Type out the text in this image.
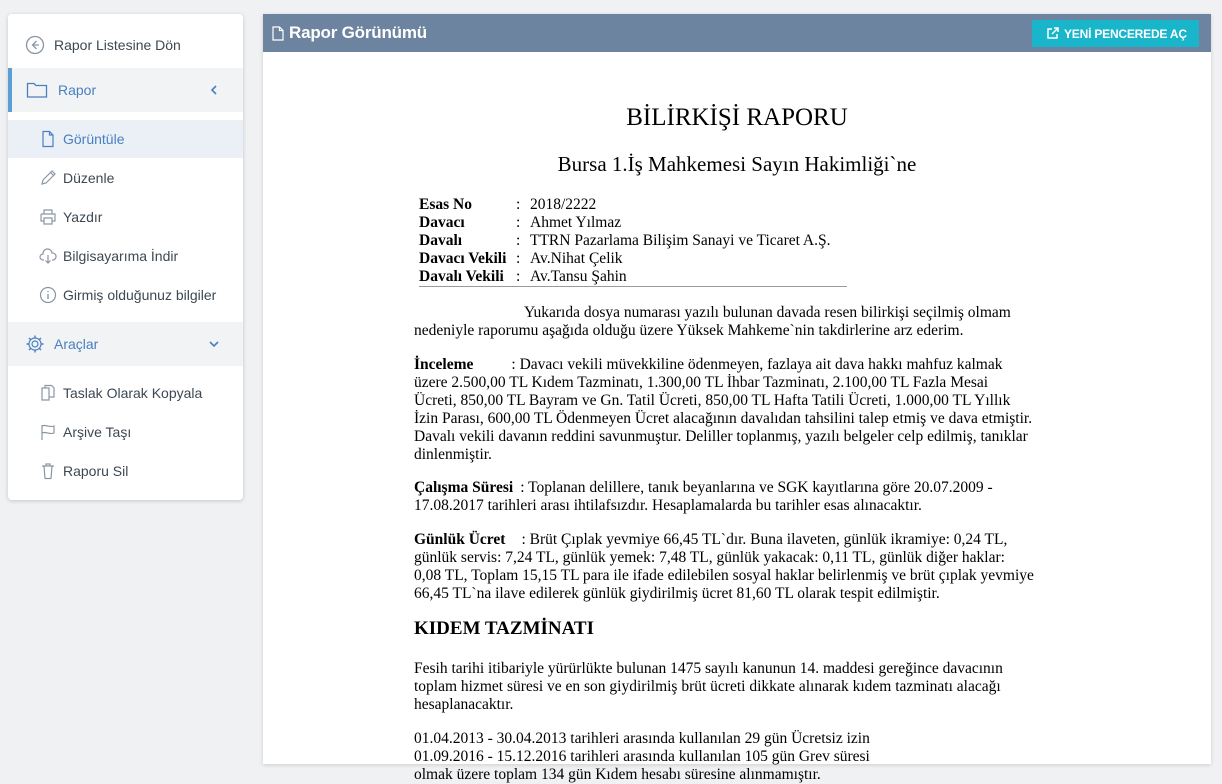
Rapor Listesine Dön
Rapor
Görüntüle
Düzenle
Yazdır
Bilgisayarıma İndir
Girmiş olduğunuz bilgiler
Araçlar
Taslak Olarak Kopyala
Arşive Taşı
Raporu Sil
Rapor Görünümü	YENİ PENCEREDE AÇ
BİLİRKİŞİ RAPORU
Bursa 1.İş Mahkemesi Sayın Hakimliği`ne
Esas No	: 2018/2222
Davacı	: Ahmet Yılmaz
Davalı	: TTRN Pazarlama Bilişim Sanayi ve Ticaret A.Ş.
Davacı Vekili : Av.Nihat Çelik
Davalı Vekili : Av.Tansu Şahin
Yukarıda dosya numarası yazılı bulunan davada resen bilirkişi seçilmiş olmam
nedeniyle raporumu aşağıda olduğu üzere Yüksek Mahkeme`nin takdirlerine arz ederim.
İnceleme : Davacı vekili müvekkiline ödenmeyen, fazlaya ait dava hakkı mahfuz kalmak
üzere 2.500,00 TL Kıdem Tazminatı, 1.300,00 TL İhbar Tazminatı, 2.100,00 TL Fazla Mesai
Ücreti, 850,00 TL Bayram ve Gn. Tatil Ücreti, 850,00 TL Hafta Tatili Ücreti, 1.000,00 TL Yıllık
İzin Parası, 600,00 TL Ödenmeyen Ücret alacağının davalıdan tahsilini talep etmiş ve dava etmiştir.
Davalı vekili davanın reddini savunmuştur. Deliller toplanmış, yazılı belgeler celp edilmiş, tanıklar
dinlenmiştir.
Çalışma Süresi : Toplanan delillere, tanık beyanlarına ve SGK kayıtlarına göre 20.07.2009 -
17.08.2017 tarihleri arası ihtilafsızdır. Hesaplamalarda bu tarihler esas alınacaktır.
Günlük Ücret : Brüt Çıplak yevmiye 66,45 TL`dır. Buna ilaveten, günlük ikramiye: 0,24 TL,
günlük servis: 7,24 TL, günlük yemek: 7,48 TL, günlük yakacak: 0,11 TL, günlük diğer haklar:
0,08 TL, Toplam 15,15 TL para ile ifade edilebilen sosyal haklar belirlenmiş ve brüt çıplak yevmiye
66,45 TL`na ilave edilerek günlük giydirilmiş ücret 81,60 TL olarak tespit edilmiştir.
KIDEM TAZMİNATI
Fesih tarihi itibariyle yürürlükte bulunan 1475 sayılı kanunun 14. maddesi gereğince davacının
toplam hizmet süresi ve en son giydirilmiş brüt ücreti dikkate alınarak kıdem tazminatı alacağı
hesaplanacaktır.
01.04.2013 - 30.04.2013 tarihleri arasında kullanılan 29 gün Ücretsiz izin
01.09.2016 - 15.12.2016 tarihleri arasında kullanılan 105 gün Grev süresi
olmak üzere toplam 134 gün Kıdem hesabı süresine alınmamıştır.
